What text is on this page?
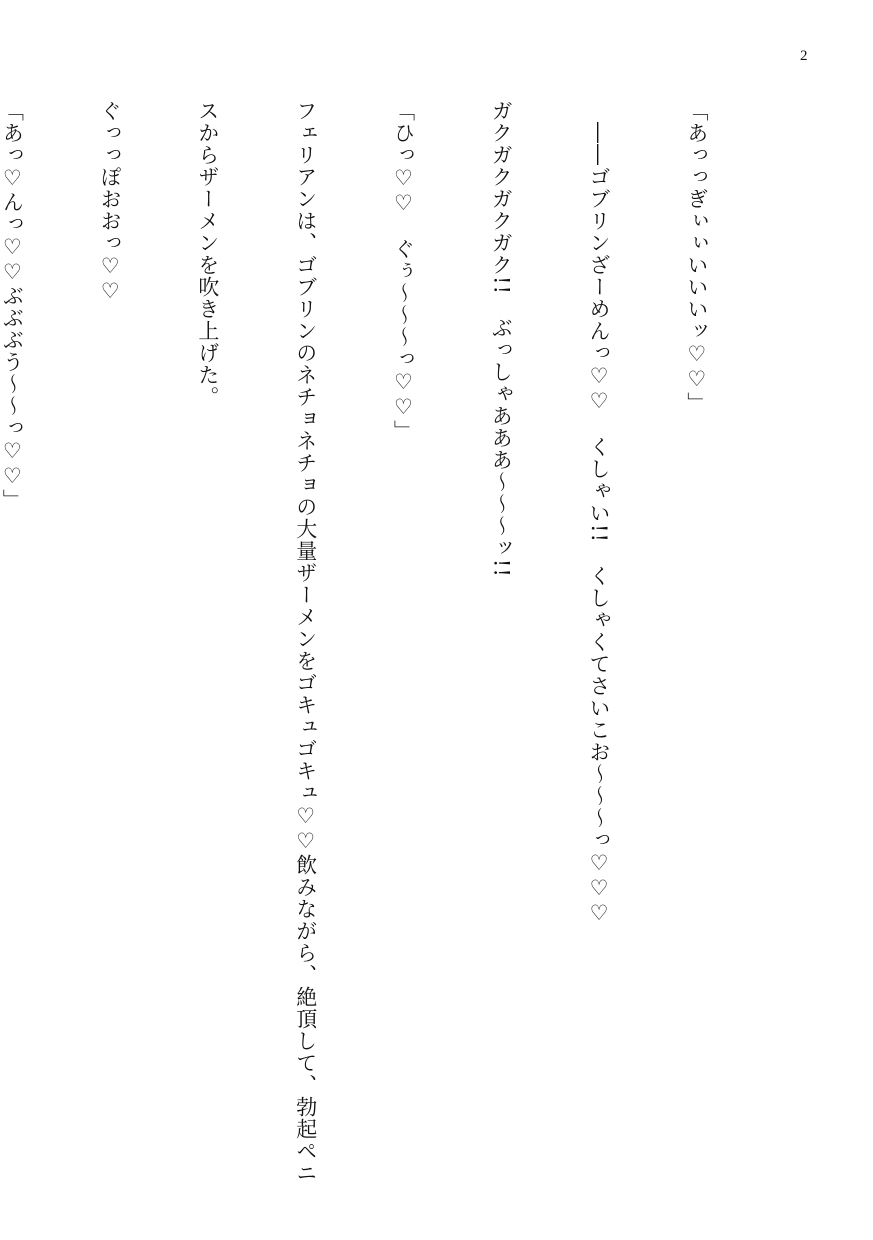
2

「あっっぎぃぃいいいッ♡♡」

　――ゴブリンざーめんっ♡♡　くしゃい!!　くしゃくてさいこお～～～っ♡♡♡

ガクガクガクガク!!　ぶっしゃあああ～～～ッ!!

「ひっ♡♡　ぐぅ～～～っ♡♡」

フェリアンは、ゴブリンのネチョネチョの大量ザーメンをゴキュゴキュ♡♡飲みながら、絶頂して、勃起ペニ

スからザーメンを吹き上げた。

ぐっっぽおおっ♡♡

「あっ♡んっ♡♡ぶぶぶう～～っ♡♡」
